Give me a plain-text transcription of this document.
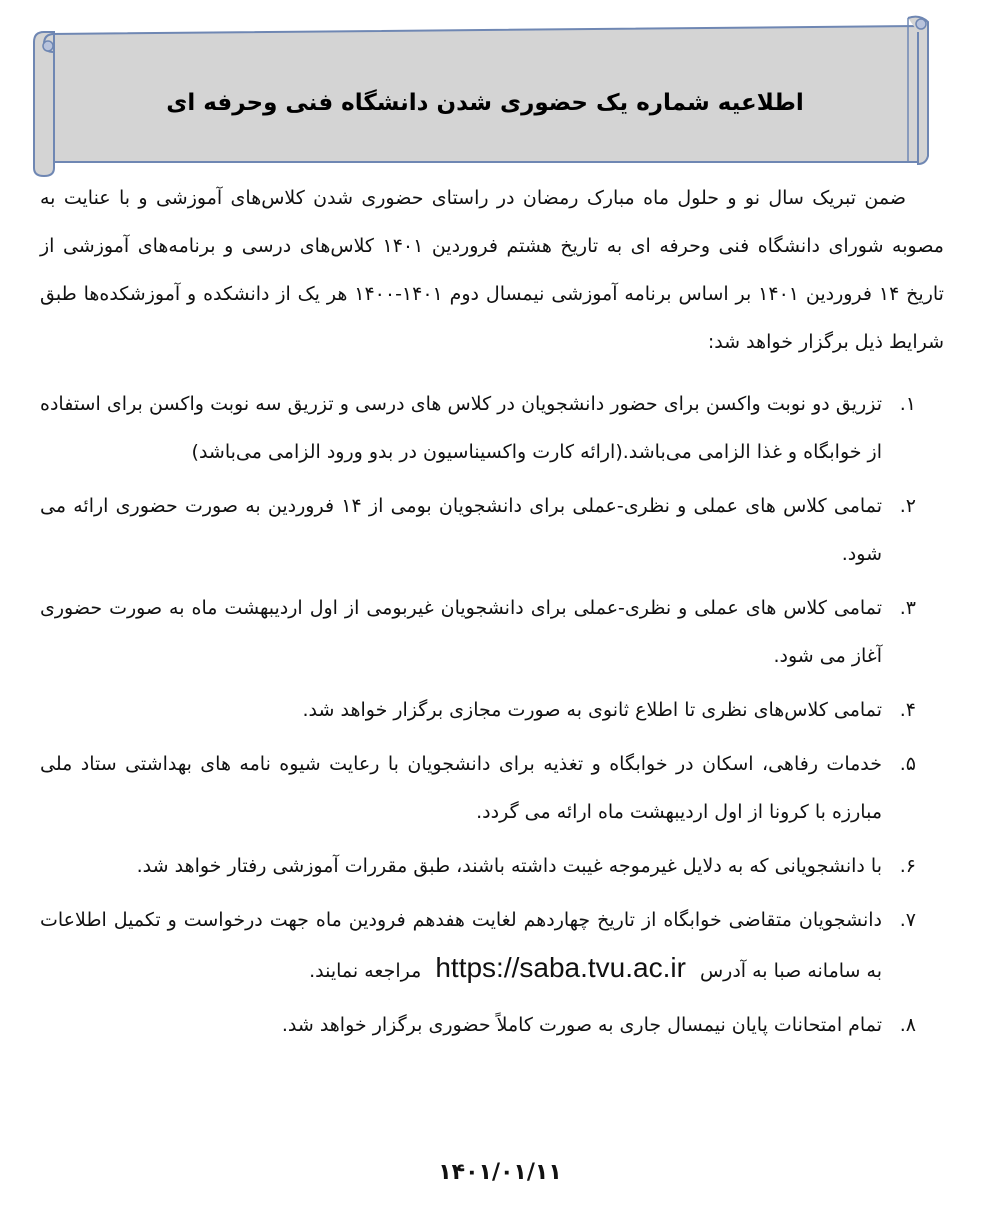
اطلاعیه شماره یک حضوری شدن دانشگاه فنی وحرفه ای
ضمن تبریک سال نو و حلول ماه مبارک رمضان در راستای حضوری شدن کلاس‌های آموزشی و با عنایت به مصوبه شورای دانشگاه فنی وحرفه ای به تاریخ هشتم فروردین ۱۴۰۱ کلاس‌های درسی و برنامه‌های آموزشی از تاریخ ۱۴ فروردین ۱۴۰۱ بر اساس برنامه آموزشی نیمسال دوم ۱۴۰۱-۱۴۰۰ هر یک از دانشکده و آموزشکده‌ها طبق شرایط ذیل برگزار خواهد شد:
۱.
تزریق دو نوبت واکسن برای حضور دانشجویان در کلاس های درسی و تزریق سه نوبت واکسن برای استفاده از خوابگاه و غذا الزامی می‌باشد.(ارائه کارت واکسیناسیون در بدو ورود الزامی می‌باشد)
۲.
تمامی کلاس های عملی و نظری-عملی برای دانشجویان بومی از ۱۴ فروردین به صورت حضوری ارائه می شود.
۳.
تمامی کلاس های عملی و نظری-عملی برای دانشجویان غیربومی از اول اردیبهشت ماه به صورت حضوری آغاز می شود.
۴.
تمامی کلاس‌های نظری تا اطلاع ثانوی به صورت مجازی برگزار خواهد شد.
۵.
خدمات رفاهی، اسکان در خوابگاه و تغذیه برای دانشجویان با رعایت شیوه نامه های بهداشتی ستاد ملی مبارزه با کرونا از اول اردیبهشت ماه ارائه می گردد.
۶.
با دانشجویانی که به دلایل غیرموجه غیبت داشته باشند، طبق مقررات آموزشی رفتار خواهد شد.
۷.
دانشجویان متقاضی خوابگاه از تاریخ چهاردهم لغایت هفدهم فرودین ماه جهت درخواست و تکمیل اطلاعات به سامانه صبا به آدرس https://saba.tvu.ac.ir مراجعه نمایند.
۸.
تمام امتحانات پایان نیمسال جاری به صورت کاملاً حضوری برگزار خواهد شد.
۱۴۰۱/۰۱/۱۱
